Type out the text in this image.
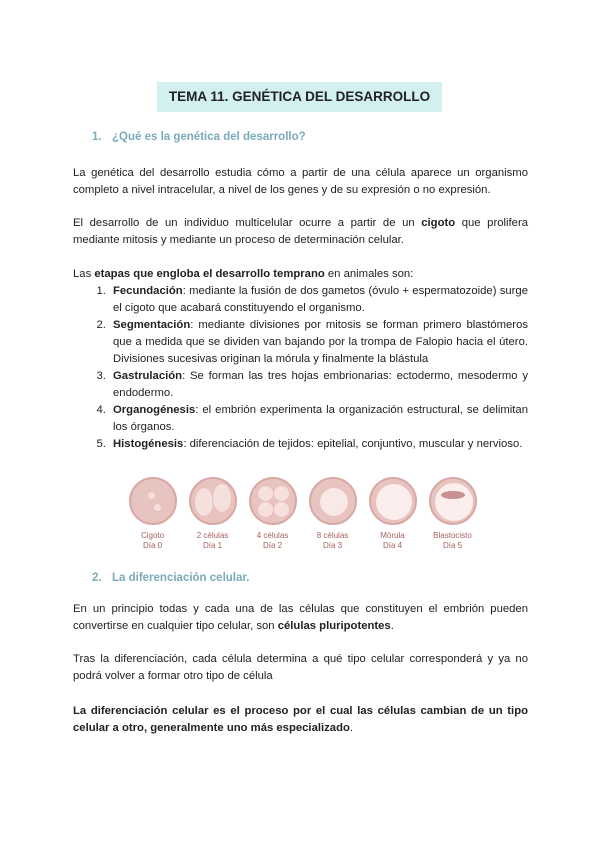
TEMA 11. GENÉTICA DEL DESARROLLO
1. ¿Qué es la genética del desarrollo?
La genética del desarrollo estudia cómo a partir de una célula aparece un organismo completo a nivel intracelular, a nivel de los genes y de su expresión o no expresión.
El desarrollo de un individuo multicelular ocurre a partir de un cigoto que prolifera mediante mitosis y mediante un proceso de determinación celular.
Las etapas que engloba el desarrollo temprano en animales son:
1. Fecundación: mediante la fusión de dos gametos (óvulo + espermatozoide) surge el cigoto que acabará constituyendo el organismo.
2. Segmentación: mediante divisiones por mitosis se forman primero blastómeros que a medida que se dividen van bajando por la trompa de Falopio hacia el útero. Divisiones sucesivas originan la mórula y finalmente la blástula
3. Gastrulación: Se forman las tres hojas embrionarias: ectodermo, mesodermo y endodermo.
4. Organogénesis: el embrión experimenta la organización estructural, se delimitan los órganos.
5. Histogénesis: diferenciación de tejidos: epitelial, conjuntivo, muscular y nervioso.
Cigoto
Día 0
2 células
Día 1
4 células
Día 2
8 células
Día 3
Mórula
Día 4
Blastocisto
Día 5
2. La diferenciación celular.
En un principio todas y cada una de las células que constituyen el embrión pueden convertirse en cualquier tipo celular, son células pluripotentes.
Tras la diferenciación, cada célula determina a qué tipo celular corresponderá y ya no podrá volver a formar otro tipo de célula
La diferenciación celular es el proceso por el cual las células cambian de un tipo celular a otro, generalmente uno más especializado.
